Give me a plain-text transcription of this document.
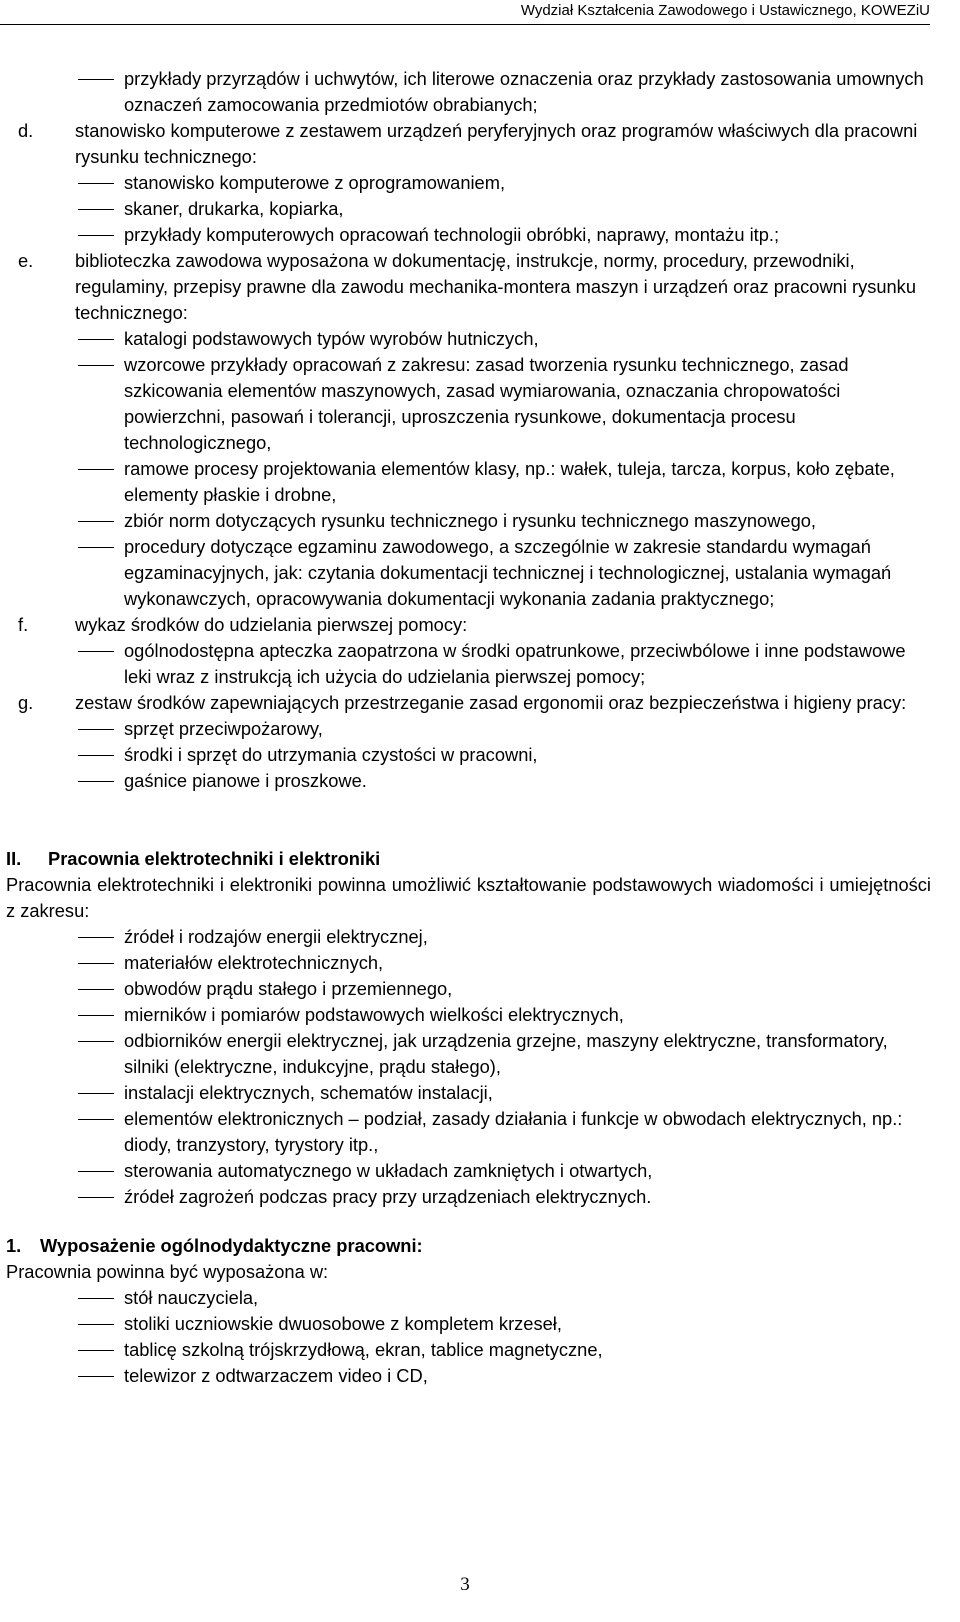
Wydział Kształcenia Zawodowego i Ustawicznego, KOWEZiU
przykłady przyrządów i uchwytów, ich literowe oznaczenia oraz przykłady zastosowania umownych oznaczeń zamocowania przedmiotów obrabianych;
d. stanowisko komputerowe z zestawem urządzeń peryferyjnych oraz programów właściwych dla pracowni rysunku technicznego:
stanowisko komputerowe z oprogramowaniem,
skaner, drukarka, kopiarka,
przykłady komputerowych opracowań technologii obróbki, naprawy, montażu itp.;
e. biblioteczka zawodowa wyposażona w dokumentację, instrukcje, normy, procedury, przewodniki, regulaminy, przepisy prawne dla zawodu mechanika-montera maszyn i urządzeń oraz pracowni rysunku technicznego:
katalogi podstawowych typów wyrobów hutniczych,
wzorcowe przykłady opracowań z zakresu: zasad tworzenia rysunku technicznego, zasad szkicowania elementów maszynowych, zasad wymiarowania, oznaczania chropowatości powierzchni, pasowań i tolerancji, uproszczenia rysunkowe, dokumentacja procesu technologicznego,
ramowe procesy projektowania elementów klasy, np.: wałek, tuleja, tarcza, korpus, koło zębate, elementy płaskie i drobne,
zbiór norm dotyczących rysunku technicznego i rysunku technicznego maszynowego,
procedury dotyczące egzaminu zawodowego, a szczególnie w zakresie standardu wymagań egzaminacyjnych, jak: czytania dokumentacji technicznej i technologicznej, ustalania wymagań wykonawczych, opracowywania dokumentacji wykonania zadania praktycznego;
f.	wykaz środków do udzielania pierwszej pomocy:
ogólnodostępna apteczka zaopatrzona w środki opatrunkowe, przeciwbólowe i inne podstawowe leki wraz z instrukcją ich użycia do udzielania pierwszej pomocy;
g. zestaw środków zapewniających przestrzeganie zasad ergonomii oraz bezpieczeństwa i higieny pracy:
sprzęt przeciwpożarowy,
środki i sprzęt do utrzymania czystości w pracowni,
gaśnice pianowe i proszkowe.
II. Pracownia elektrotechniki i elektroniki
Pracownia elektrotechniki i elektroniki powinna umożliwić kształtowanie podstawowych wiadomości i umiejętności z zakresu:
źródeł i rodzajów energii elektrycznej,
materiałów elektrotechnicznych,
obwodów prądu stałego i przemiennego,
mierników i pomiarów podstawowych wielkości elektrycznych,
odbiorników energii elektrycznej, jak urządzenia grzejne, maszyny elektryczne, transformatory, silniki (elektryczne, indukcyjne, prądu stałego),
instalacji elektrycznych, schematów instalacji,
elementów elektronicznych – podział, zasady działania i funkcje w obwodach elektrycznych, np.: diody, tranzystory, tyrystory itp.,
sterowania automatycznego w układach zamkniętych i otwartych,
źródeł zagrożeń podczas pracy przy urządzeniach elektrycznych.
1. Wyposażenie ogólnodydaktyczne pracowni:
Pracownia powinna być wyposażona w:
stół nauczyciela,
stoliki uczniowskie dwuosobowe z kompletem krzeseł,
tablicę szkolną trójskrzydłową, ekran, tablice magnetyczne,
telewizor z odtwarzaczem video i CD,
3
